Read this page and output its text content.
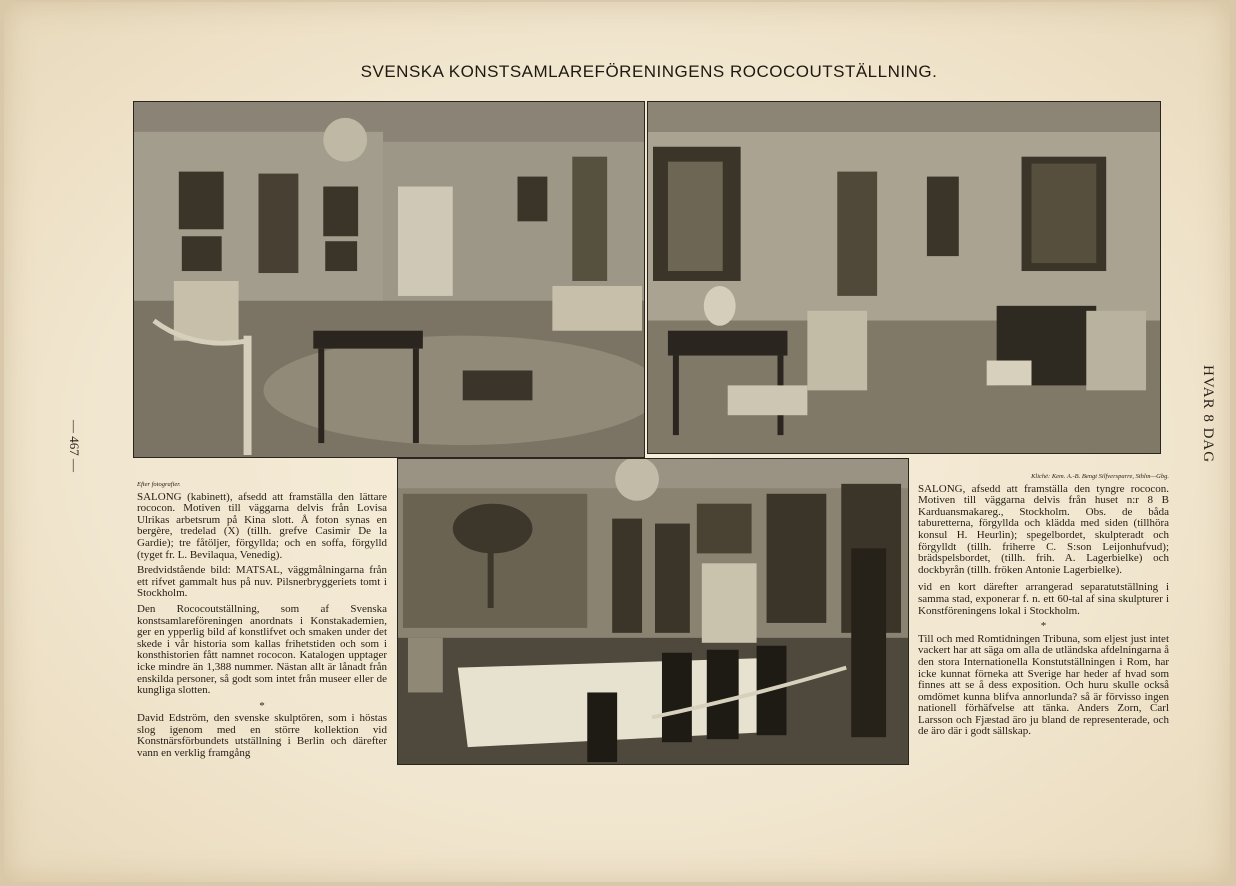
SVENSKA KONSTSAMLAREFÖRENINGENS ROCOCOUTSTÄLLNING.
— 467 —	HVAR 8 DAG
Efter fotografier.

SALONG (kabinett), afsedd att framställa den lättare rococon. Motiven till väggarna delvis från Lovisa Ulrikas arbetsrum på Kina slott. Å foton synas en bergère, tredelad (X) (tillh. grefve Casimir De la Gardie); tre fåtöljer, förgyllda; och en soffa, förgylld (tyget fr. L. Bevilaqua, Venedig).

Bredvidstående bild: MATSAL, väggmålningarna från ett rifvet gammalt hus på nuv. Pilsnerbryggeriets tomt i Stockholm.

Den Rococoutställning, som af Svenska konstsamlareföreningen anordnats i Konstakademien, ger en ypperlig bild af konstlifvet och smaken under det skede i vår historia som kallas frihetstiden och som i konsthistorien fått namnet rococon. Katalogen upptager icke mindre än 1,388 nummer. Nästan allt är lånadt från enskilda personer, så godt som intet från museer eller de kungliga slotten.

*

David Edström, den svenske skulptören, som i höstas slog igenom med en större kollektion vid Konstnärsförbundets utställning i Berlin och därefter vann en verklig framgång

Klichė: Kem. A.-B. Bengt Silfversparre, Sthlm—Gbg.

SALONG, afsedd att framställa den tyngre rococon. Motiven till väggarna delvis från huset n:r 8 B Karduansmakareg., Stockholm. Obs. de båda taburetterna, förgyllda och klädda med siden (tillhöra konsul H. Heurlin); spegelbordet, skulpteradt och förgylldt (tillh. friherre C. S:son Leijonhufvud); brädspelsbordet, (tillh. frih. A. Lagerbielke) och dockbyrån (tillh. fröken Antonie Lagerbielke).

vid en kort därefter arrangerad separatutställning i samma stad, exponerar f. n. ett 60-tal af sina skulpturer i Konstföreningens lokal i Stockholm.

*

Till och med Romtidningen Tribuna, som eljest just intet vackert har att säga om alla de utländska afdelningarna å den stora Internationella Konstutställningen i Rom, har icke kunnat förneka att Sverige har heder af hvad som finnes att se å dess exposition. Och huru skulle också omdömet kunna blifva annorlunda? så är förvisso ingen nationell förhäfvelse att tänka. Anders Zorn, Carl Larsson och Fjæstad äro ju bland de representerade, och de äro där i godt sällskap.
